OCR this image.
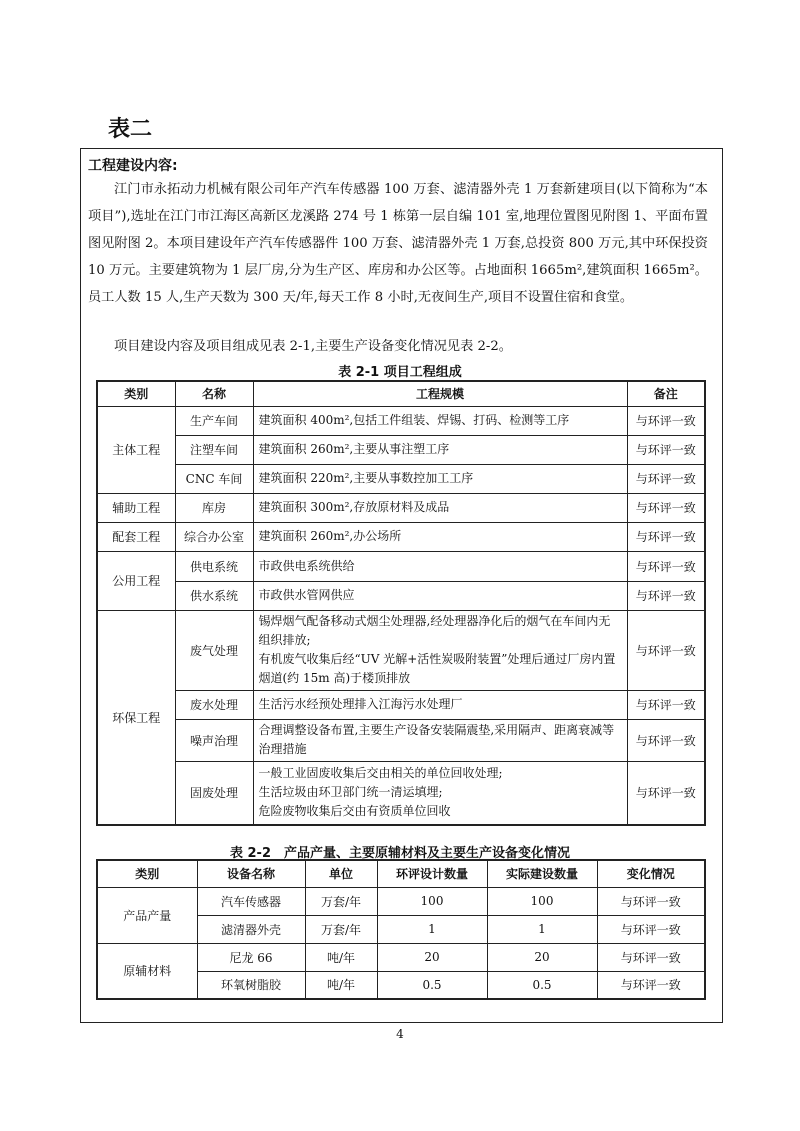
表二
工程建设内容:

江门市永拓动力机械有限公司年产汽车传感器 100 万套、滤清器外壳 1 万套新建项目(以下简称为“本项目”),选址在江门市江海区高新区龙溪路 274 号 1 栋第一层自编 101 室,地理位置图见附图 1、平面布置图见附图 2。本项目建设年产汽车传感器件 100 万套、滤清器外壳 1 万套,总投资 800 万元,其中环保投资 10 万元。主要建筑物为 1 层厂房,分为生产区、库房和办公区等。占地面积 1665m²,建筑面积 1665m²。员工人数 15 人,生产天数为 300 天/年,每天工作 8 小时,无夜间生产,项目不设置住宿和食堂。

项目建设内容及项目组成见表 2-1,主要生产设备变化情况见表 2-2。

表 2-1 项目工程组成
类别	名称	工程规模	备注
主体工程	生产车间	建筑面积 400m²,包括工件组装、焊锡、打码、检测等工序	与环评一致
	注塑车间	建筑面积 260m²,主要从事注塑工序	与环评一致
	CNC 车间	建筑面积 220m²,主要从事数控加工工序	与环评一致
辅助工程	库房	建筑面积 300m²,存放原材料及成品	与环评一致
配套工程	综合办公室	建筑面积 260m²,办公场所	与环评一致
公用工程	供电系统	市政供电系统供给	与环评一致
	供水系统	市政供水管网供应	与环评一致
环保工程	废气处理	锡焊烟气配备移动式烟尘处理器,经处理器净化后的烟气在车间内无组织排放;
有机废气收集后经“UV 光解+活性炭吸附装置”处理后通过厂房内置烟道(约 15m 高)于楼顶排放	与环评一致
	废水处理	生活污水经预处理排入江海污水处理厂	与环评一致
	噪声治理	合理调整设备布置,主要生产设备安装隔震垫,采用隔声、距离衰减等治理措施	与环评一致
	固废处理	一般工业固废收集后交由相关的单位回收处理;
生活垃圾由环卫部门统一清运填埋;
危险废物收集后交由有资质单位回收	与环评一致
表 2-2　产品产量、主要原辅材料及主要生产设备变化情况
类别	设备名称	单位	环评设计数量	实际建设数量	变化情况
产品产量	汽车传感器	万套/年	100	100	与环评一致
	滤清器外壳	万套/年	1	1	与环评一致
原辅材料	尼龙 66	吨/年	20	20	与环评一致
	环氧树脂胶	吨/年	0.5	0.5	与环评一致
4
